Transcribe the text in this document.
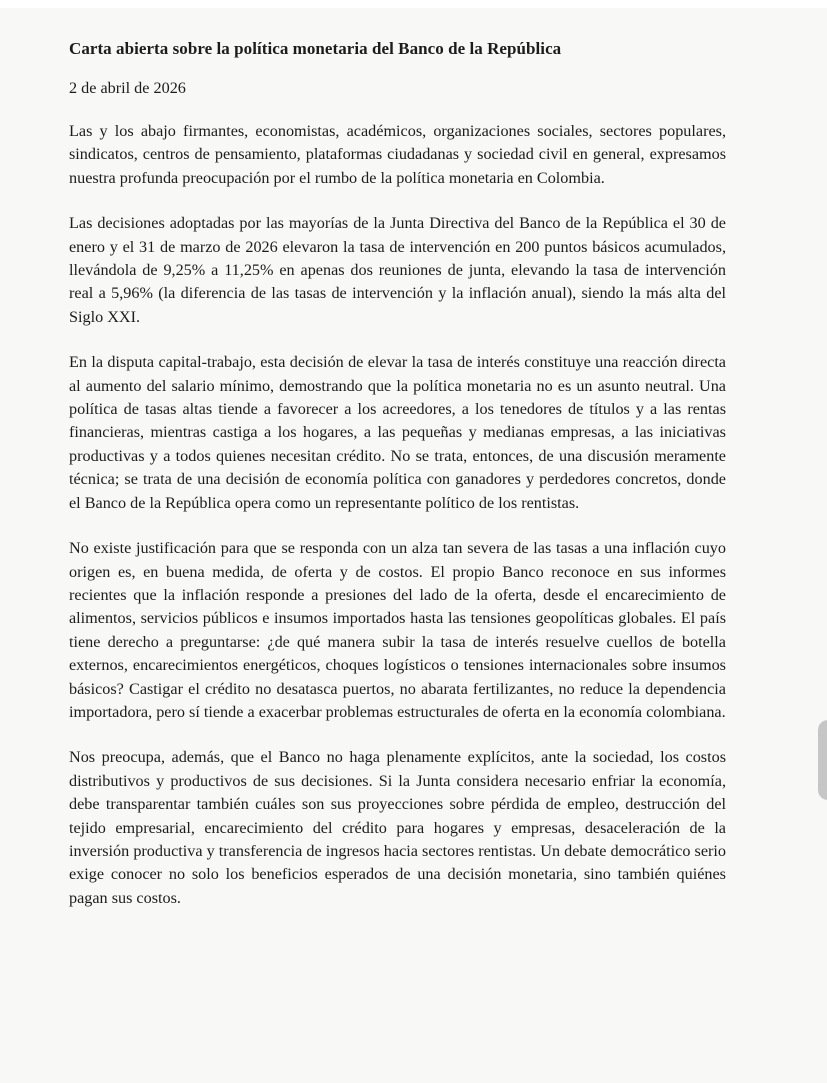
Carta abierta sobre la política monetaria del Banco de la República

2 de abril de 2026

Las y los abajo firmantes, economistas, académicos, organizaciones sociales, sectores populares, sindicatos, centros de pensamiento, plataformas ciudadanas y sociedad civil en general, expresamos nuestra profunda preocupación por el rumbo de la política monetaria en Colombia.

Las decisiones adoptadas por las mayorías de la Junta Directiva del Banco de la República el 30 de enero y el 31 de marzo de 2026 elevaron la tasa de intervención en 200 puntos básicos acumulados, llevándola de 9,25% a 11,25% en apenas dos reuniones de junta, elevando la tasa de intervención real a 5,96% (la diferencia de las tasas de intervención y la inflación anual), siendo la más alta del Siglo XXI.

En la disputa capital-trabajo, esta decisión de elevar la tasa de interés constituye una reacción directa al aumento del salario mínimo, demostrando que la política monetaria no es un asunto neutral. Una política de tasas altas tiende a favorecer a los acreedores, a los tenedores de títulos y a las rentas financieras, mientras castiga a los hogares, a las pequeñas y medianas empresas, a las iniciativas productivas y a todos quienes necesitan crédito. No se trata, entonces, de una discusión meramente técnica; se trata de una decisión de economía política con ganadores y perdedores concretos, donde el Banco de la República opera como un representante político de los rentistas.

No existe justificación para que se responda con un alza tan severa de las tasas a una inflación cuyo origen es, en buena medida, de oferta y de costos. El propio Banco reconoce en sus informes recientes que la inflación responde a presiones del lado de la oferta, desde el encarecimiento de alimentos, servicios públicos e insumos importados hasta las tensiones geopolíticas globales. El país tiene derecho a preguntarse: ¿de qué manera subir la tasa de interés resuelve cuellos de botella externos, encarecimientos energéticos, choques logísticos o tensiones internacionales sobre insumos básicos? Castigar el crédito no desatasca puertos, no abarata fertilizantes, no reduce la dependencia importadora, pero sí tiende a exacerbar problemas estructurales de oferta en la economía colombiana.

Nos preocupa, además, que el Banco no haga plenamente explícitos, ante la sociedad, los costos distributivos y productivos de sus decisiones. Si la Junta considera necesario enfriar la economía, debe transparentar también cuáles son sus proyecciones sobre pérdida de empleo, destrucción del tejido empresarial, encarecimiento del crédito para hogares y empresas, desaceleración de la inversión productiva y transferencia de ingresos hacia sectores rentistas. Un debate democrático serio exige conocer no solo los beneficios esperados de una decisión monetaria, sino también quiénes pagan sus costos.
